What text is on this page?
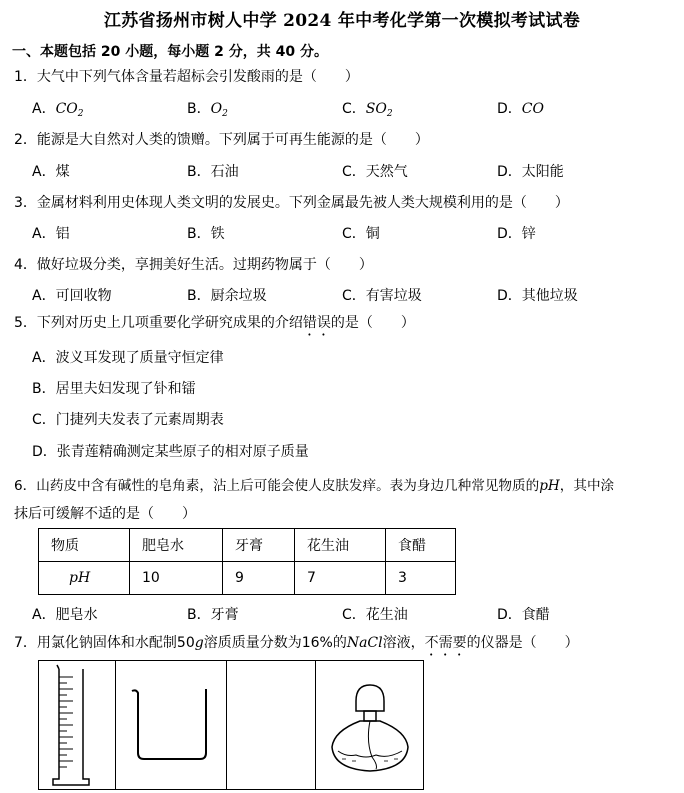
江苏省扬州市树人中学 2024 年中考化学第一次模拟考试试卷
一、本题包括 20 小题，每小题 2 分，共 40 分。
1．大气中下列气体含量若超标会引发酸雨的是（　　）
A．$CO_2$	B．$O_2$	C．$SO_2$	D．CO
2．能源是大自然对人类的馈赠。下列属于可再生能源的是（　　）
A．煤	B．石油	C．天然气	D．太阳能
3．金属材料利用史体现人类文明的发展史。下列金属最先被人类大规模利用的是（　　）
A．铝	B．铁	C．铜	D．锌
4．做好垃圾分类，享拥美好生活。过期药物属于（　　）
A．可回收物	B．厨余垃圾	C．有害垃圾	D．其他垃圾
5．下列对历史上几项重要化学研究成果的介绍错误的是（　　）
A．波义耳发现了质量守恒定律
B．居里夫妇发现了钋和镭
C．门捷列夫发表了元素周期表
D．张青莲精确测定某些原子的相对原子质量
6．山药皮中含有碱性的皂角素，沾上后可能会使人皮肤发痒。表为身边几种常见物质的pH，其中涂
抹后可缓解不适的是（　　）
物质	肥皂水	牙膏	花生油	食醋
pH	10	9	7	3
A．肥皂水	B．牙膏	C．花生油	D．食醋
7．用氯化钠固体和水配制50g溶质质量分数为16%的NaCl溶液，不需要的仪器是（　　）
